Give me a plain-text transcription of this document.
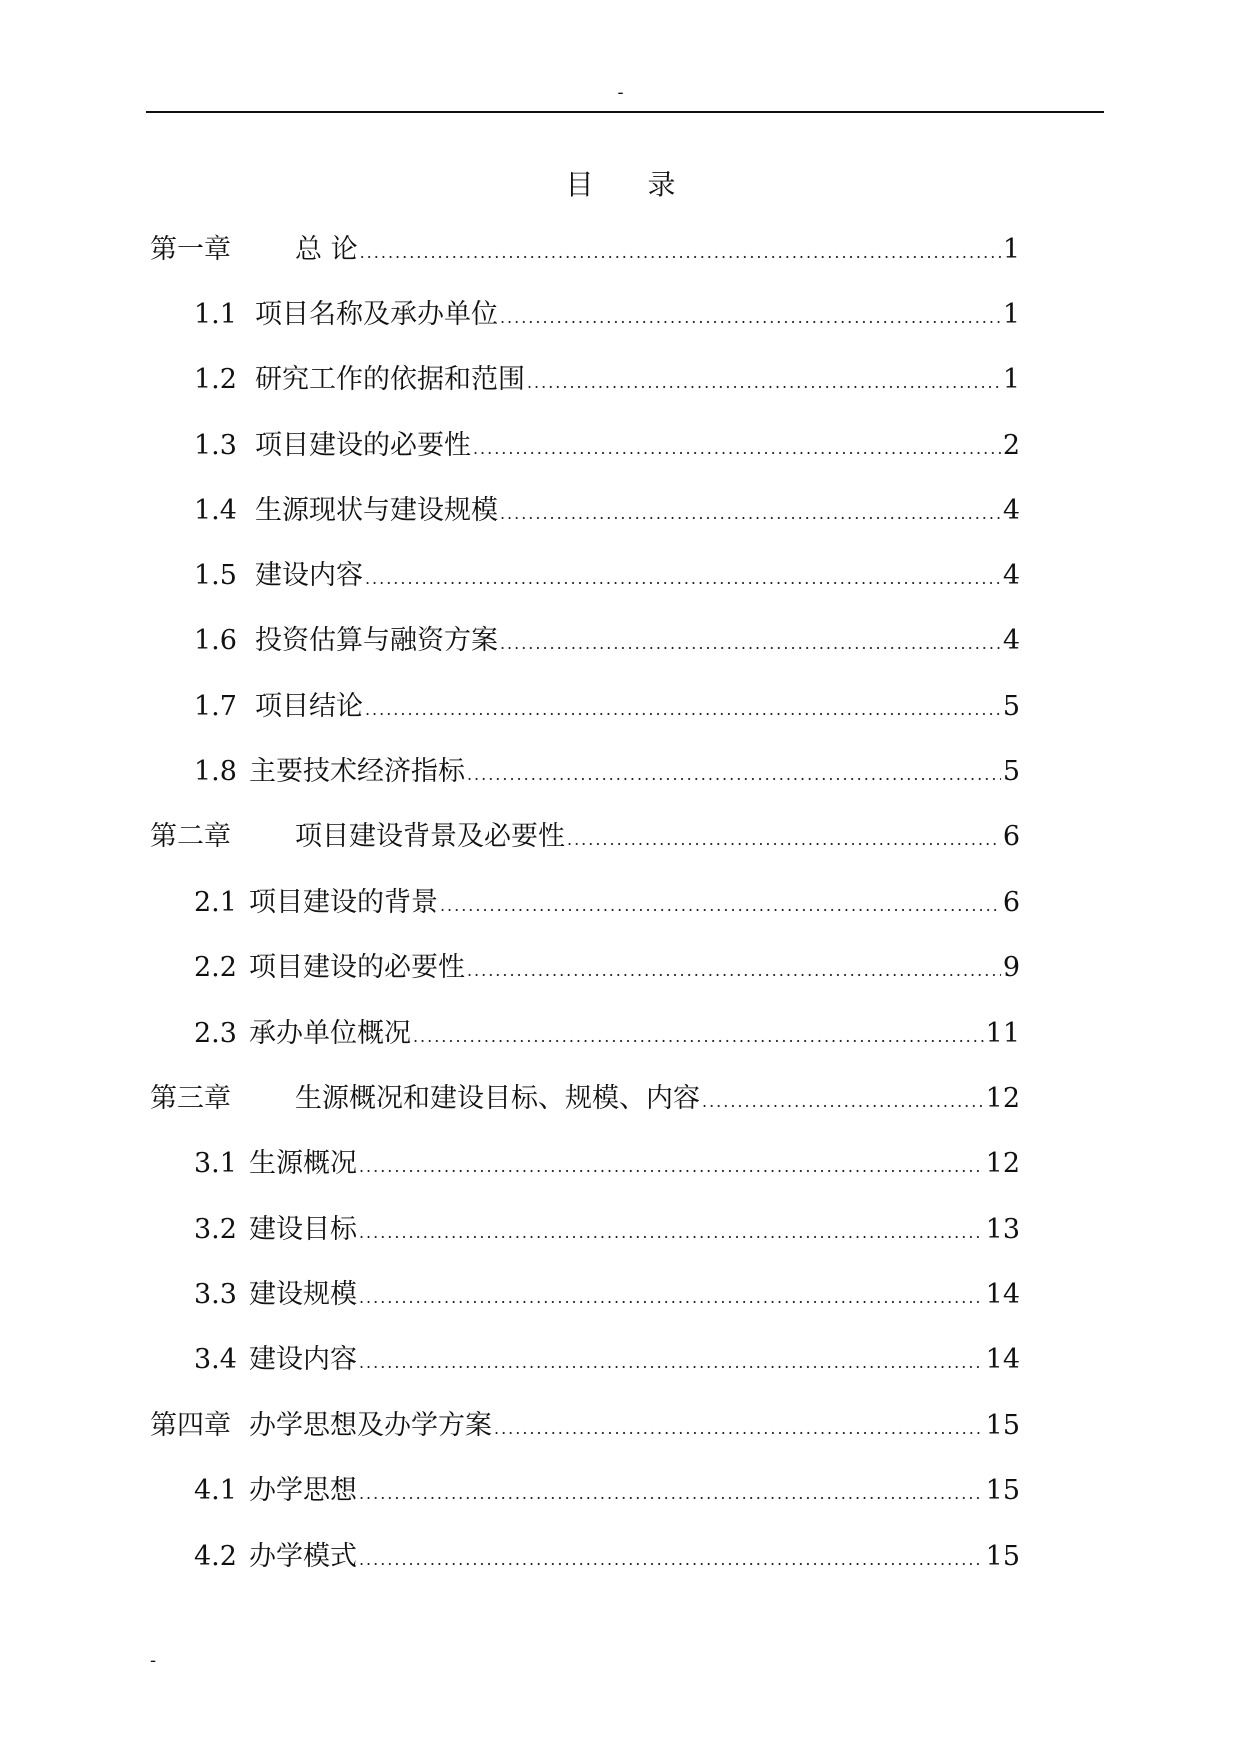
-
目 录
第一章 总 论 .....	1
1.1 项目名称及承办单位 .....	1
1.2 研究工作的依据和范围 .....	1
1.3 项目建设的必要性 .....	2
1.4 生源现状与建设规模 .....	4
1.5 建设内容 .....	4
1.6 投资估算与融资方案 .....	4
1.7 项目结论 .....	5
1.8 主要技术经济指标 .....	5
第二章 项目建设背景及必要性 .....	6
2.1 项目建设的背景 .....	6
2.2 项目建设的必要性 .....	9
2.3 承办单位概况 .....	11
第三章 生源概况和建设目标、规模、内容 .....	12
3.1 生源概况 .....	12
3.2 建设目标 .....	13
3.3 建设规模 .....	14
3.4 建设内容 .....	14
第四章 办学思想及办学方案 .....	15
4.1 办学思想 .....	15
4.2 办学模式 .....	15
-
